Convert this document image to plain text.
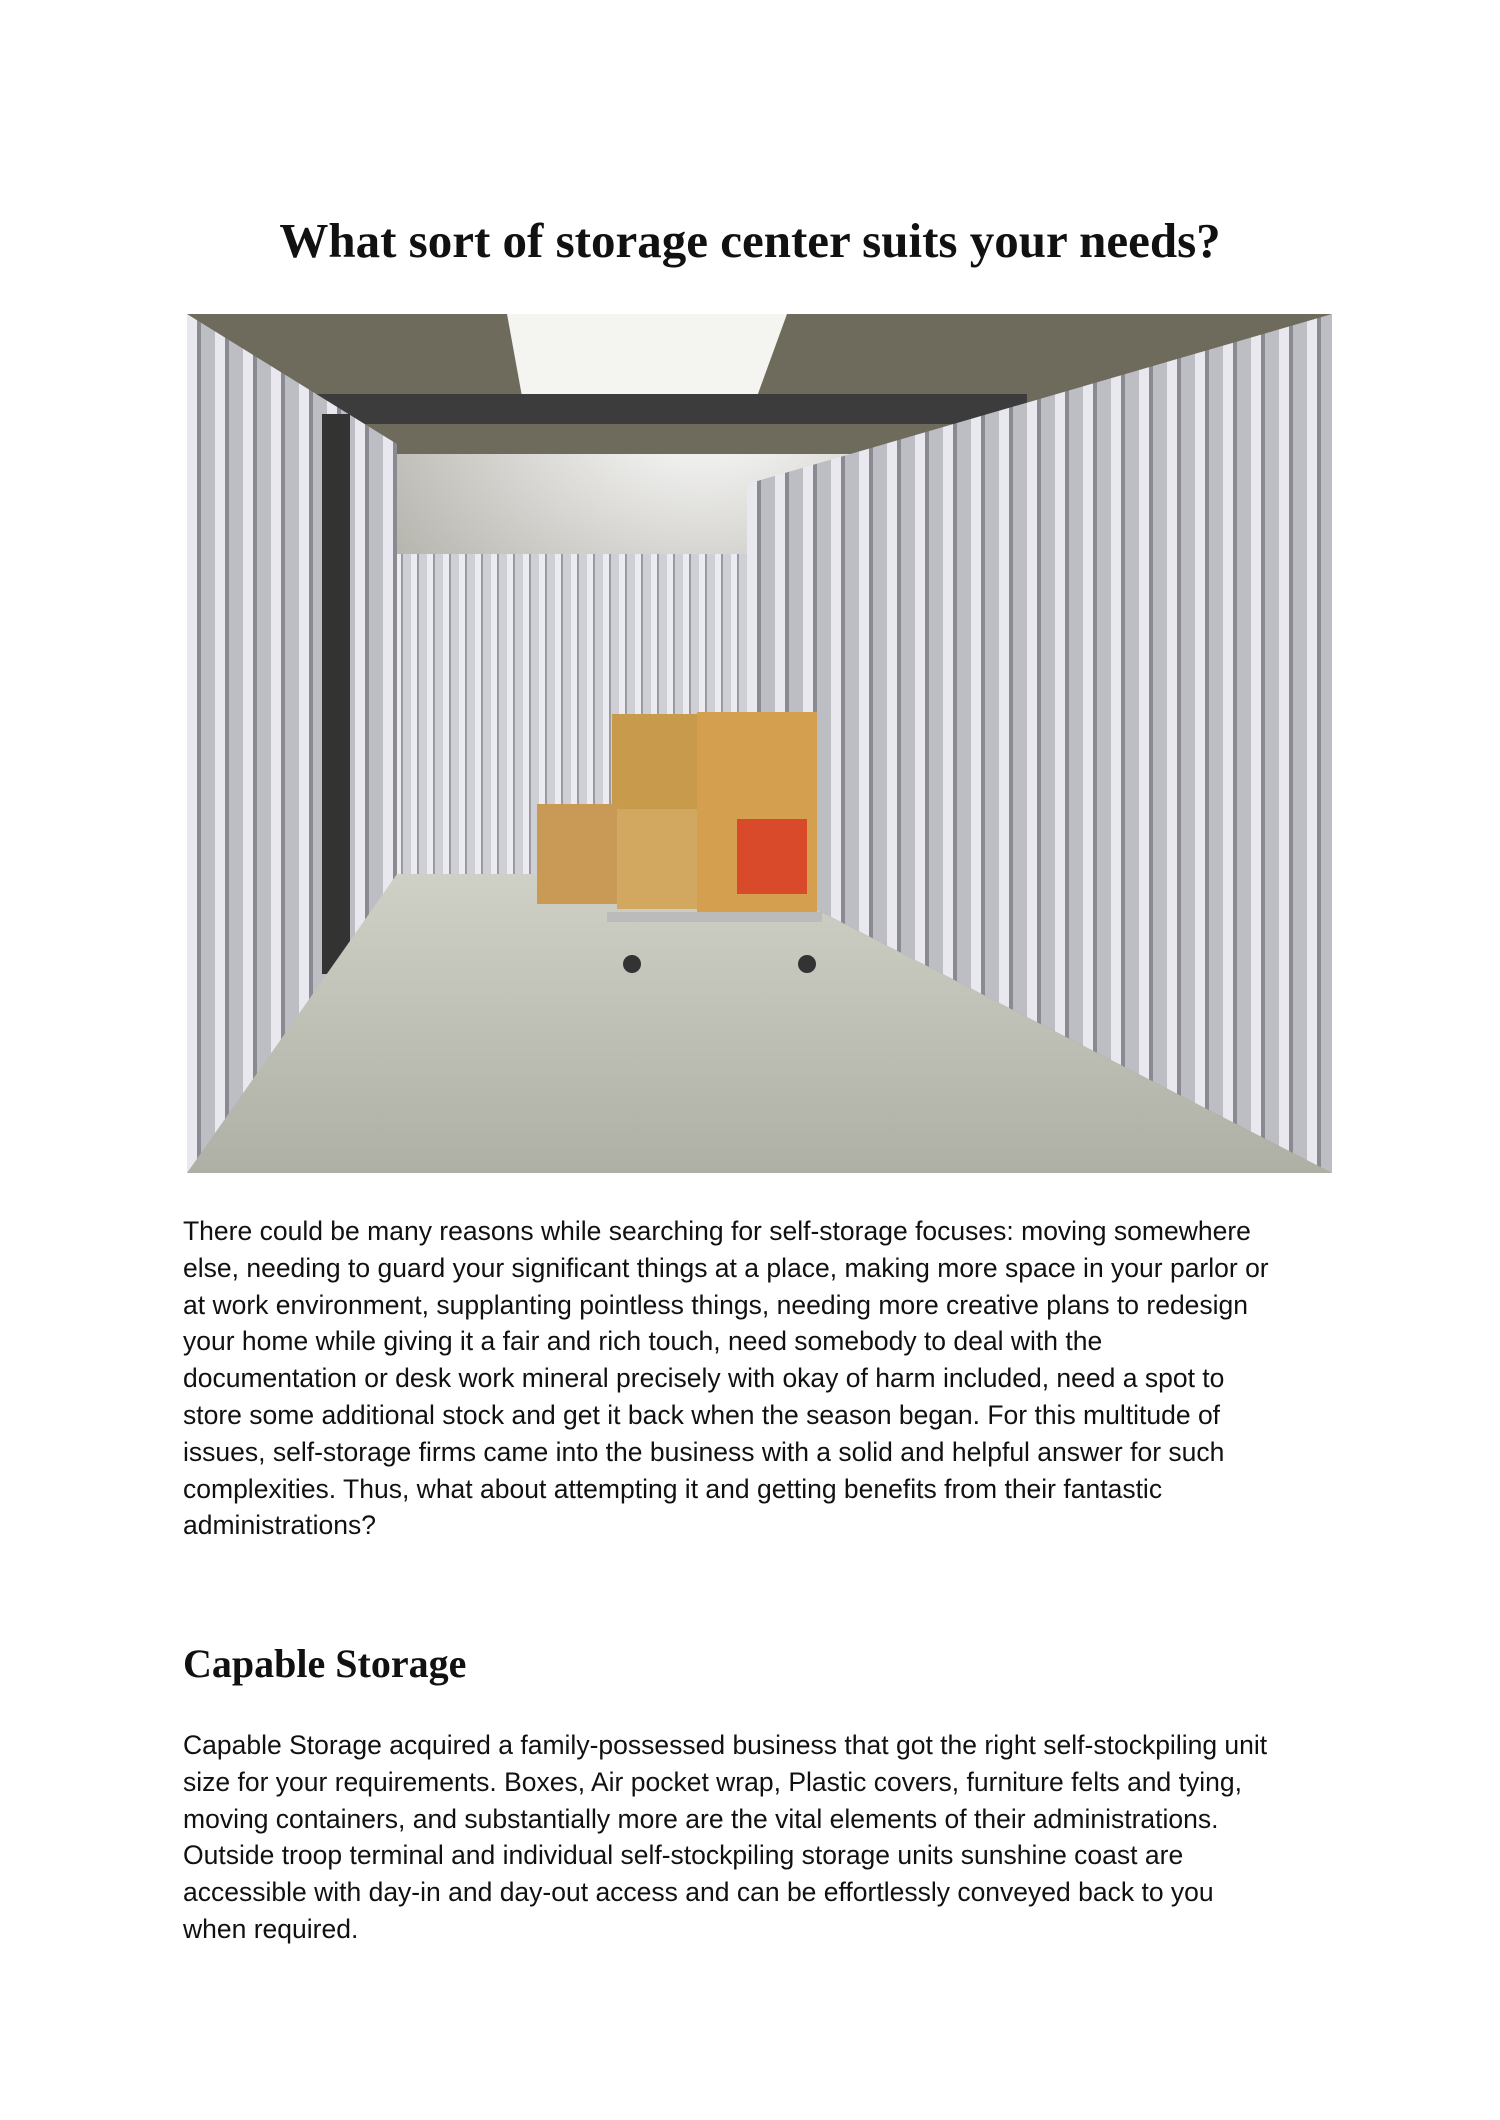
What sort of storage center suits your needs?

There could be many reasons while searching for self-storage focuses: moving somewhere
else, needing to guard your significant things at a place, making more space in your parlor or
at work environment, supplanting pointless things, needing more creative plans to redesign
your home while giving it a fair and rich touch, need somebody to deal with the
documentation or desk work mineral precisely with okay of harm included, need a spot to
store some additional stock and get it back when the season began. For this multitude of
issues, self-storage firms came into the business with a solid and helpful answer for such
complexities. Thus, what about attempting it and getting benefits from their fantastic
administrations?

Capable Storage

Capable Storage acquired a family-possessed business that got the right self-stockpiling unit
size for your requirements. Boxes, Air pocket wrap, Plastic covers, furniture felts and tying,
moving containers, and substantially more are the vital elements of their administrations.
Outside troop terminal and individual self-stockpiling storage units sunshine coast are
accessible with day-in and day-out access and can be effortlessly conveyed back to you
when required.
